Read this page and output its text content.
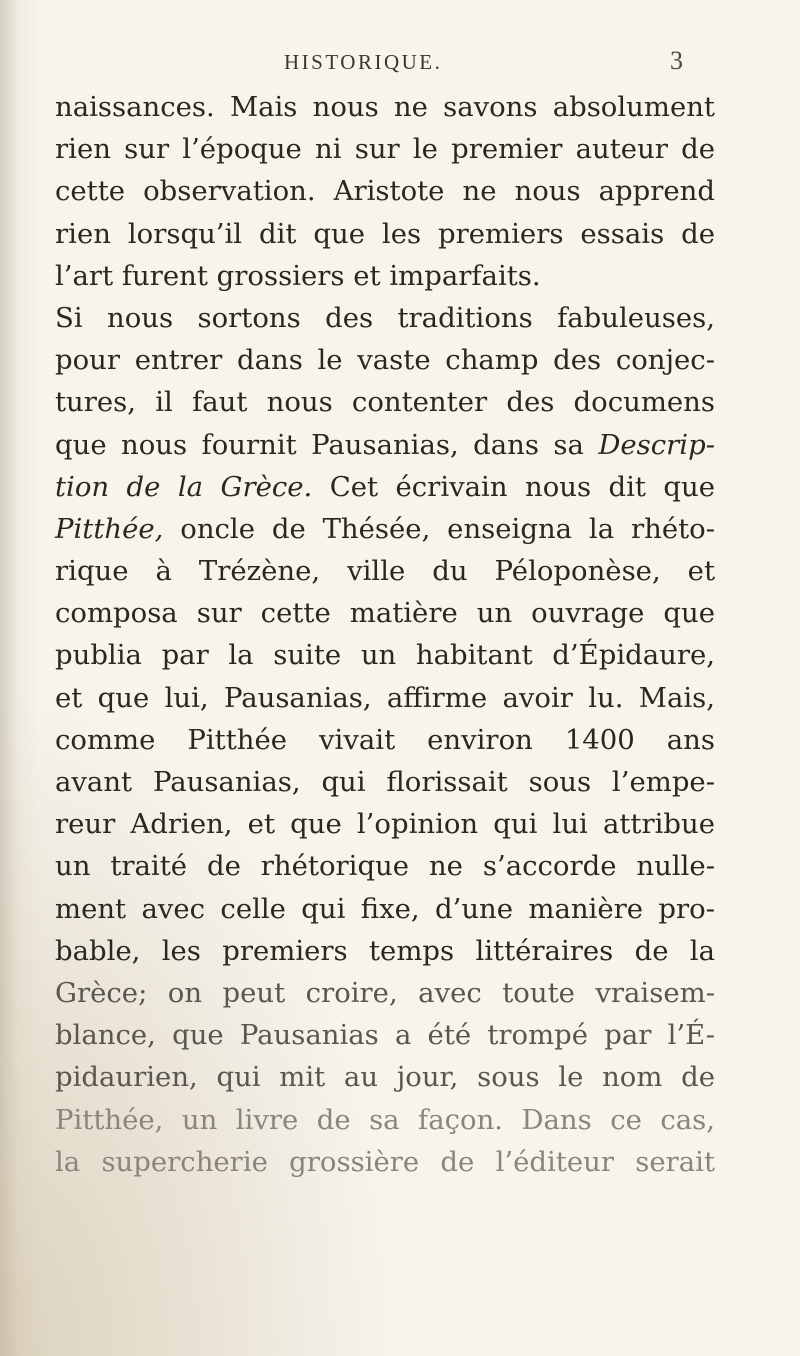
HISTORIQUE.	3
naissances. Mais nous ne savons absolument
rien sur l’époque ni sur le premier auteur de
cette observation. Aristote ne nous apprend
rien lorsqu’il dit que les premiers essais de
l’art furent grossiers et imparfaits.
Si nous sortons des traditions fabuleuses,
pour entrer dans le vaste champ des conjec-
tures, il faut nous contenter des documens
que nous fournit Pausanias, dans sa Descrip-
tion de la Grèce. Cet écrivain nous dit que
Pitthée, oncle de Thésée, enseigna la rhéto-
rique à Trézène, ville du Péloponèse, et
composa sur cette matière un ouvrage que
publia par la suite un habitant d’Épidaure,
et que lui, Pausanias, affirme avoir lu. Mais,
comme Pitthée vivait environ 1400 ans
avant Pausanias, qui florissait sous l’empe-
reur Adrien, et que l’opinion qui lui attribue
un traité de rhétorique ne s’accorde nulle-
ment avec celle qui fixe, d’une manière pro-
bable, les premiers temps littéraires de la
Grèce; on peut croire, avec toute vraisem-
blance, que Pausanias a été trompé par l’É-
pidaurien, qui mit au jour, sous le nom de
Pitthée, un livre de sa façon. Dans ce cas,
la supercherie grossière de l’éditeur serait
